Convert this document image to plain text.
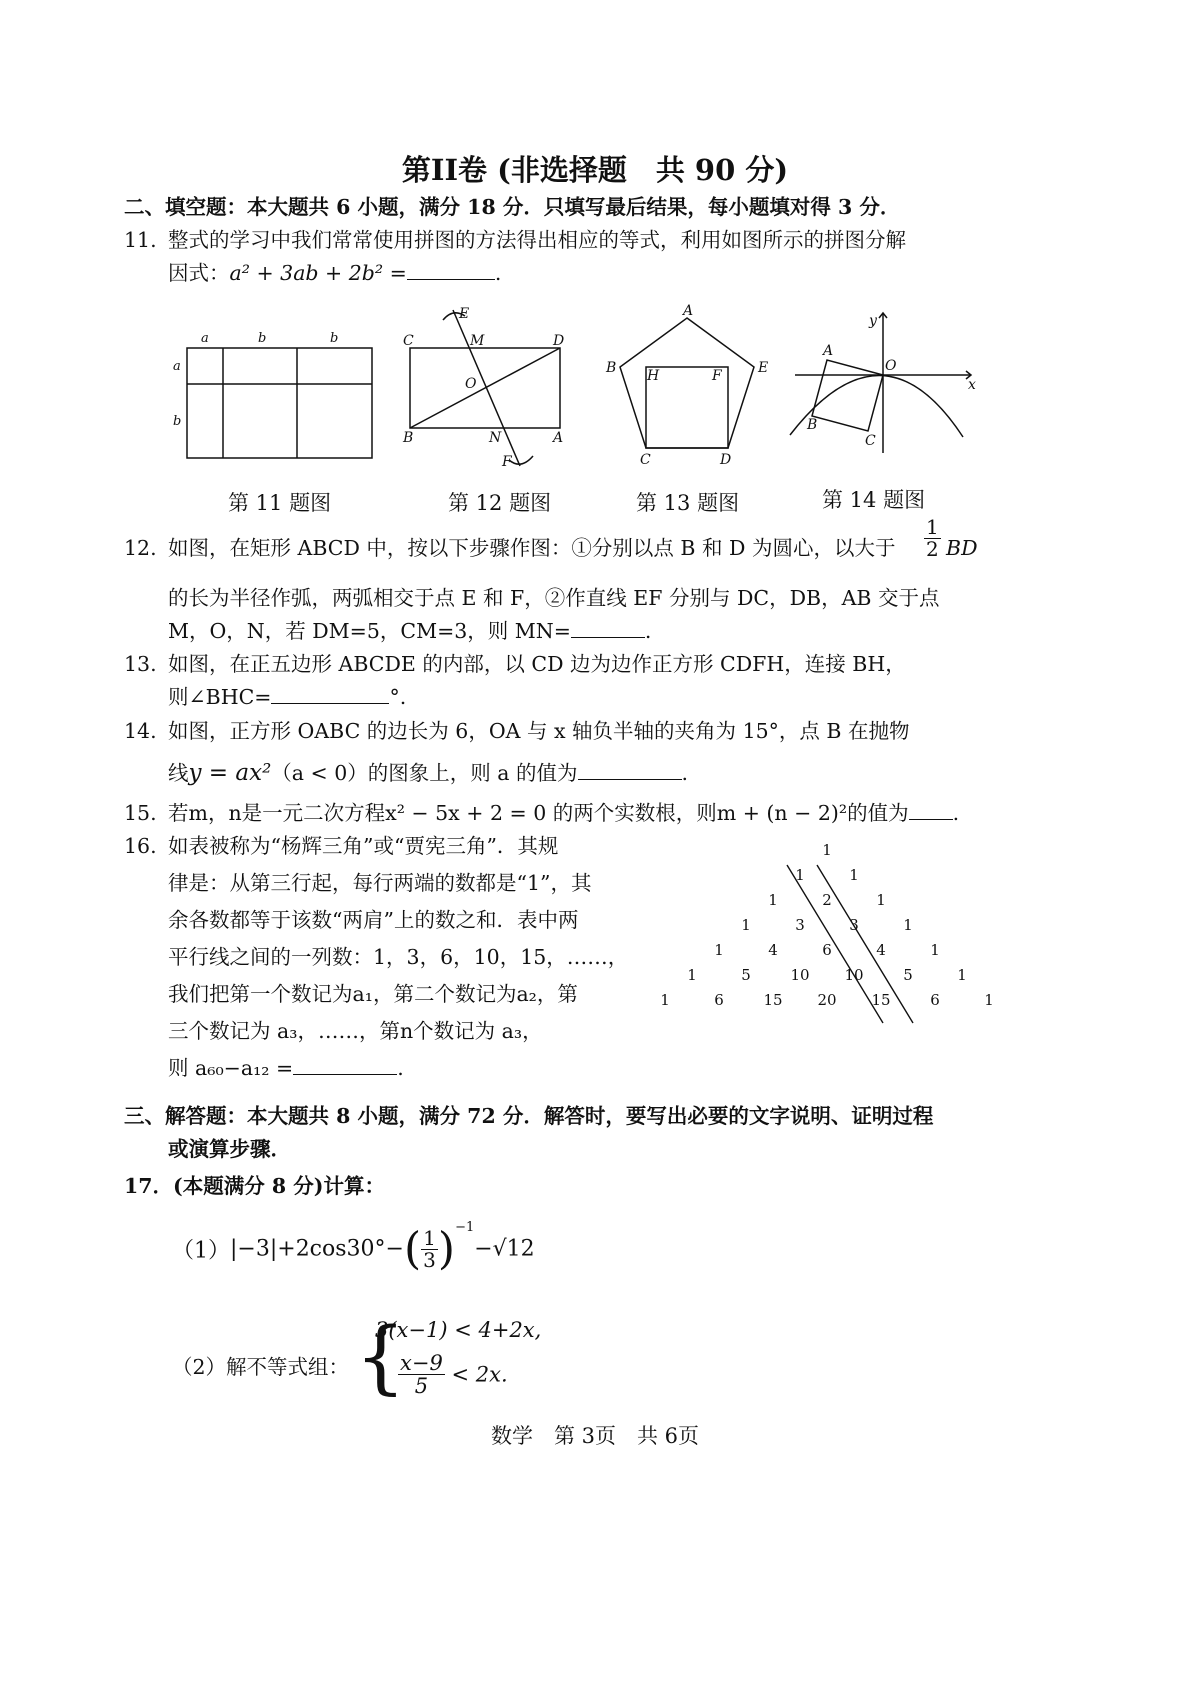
第II卷 (非选择题　共 90 分)
二、填空题：本大题共 6 小题，满分 18 分．只填写最后结果，每小题填对得 3 分．
11. 整式的学习中我们常常使用拼图的方法得出相应的等式，利用如图所示的拼图分解
因式：a² + 3ab + 2b² =	.
a	b	b
a
b
C	M	D
E
O
B	N	A
F
A
B H	F	E
C	D
y
A
O
x
B
C
第 11 题图	第 12 题图	第 13 题图	第 14 题图
12. 如图，在矩形 ABCD 中，按以下步骤作图：①分别以点 B 和 D 为圆心，以大于 $\frac{1}{2}$ BD
的长为半径作弧，两弧相交于点 E 和 F，②作直线 EF 分别与 DC，DB，AB 交于点
M，O，N，若 DM=5，CM=3，则 MN=	.
13. 如图，在正五边形 ABCDE 的内部，以 CD 边为边作正方形 CDFH，连接 BH，
则∠BHC=	°.
14. 如图，正方形 OABC 的边长为 6，OA 与 x 轴负半轴的夹角为 15°，点 B 在抛物
线y = ax²（a < 0）的图象上，则 a 的值为	.
15. 若m，n是一元二次方程x² − 5x + 2 = 0 的两个实数根，则m + (n − 2)²的值为 .
16. 如表被称为“杨辉三角”或“贾宪三角”．其规
律是：从第三行起，每行两端的数都是“1”，其
余各数都等于该数“两肩”上的数之和．表中两
平行线之间的一列数：1，3，6，10，15，……，
我们把第一个数记为a₁，第二个数记为a₂，第
三个数记为 a₃，……，第n个数记为 a₃，
则 a₆₀−a₁₂ =	.
1
1	1
1	2	1
1	3	3	1
1	4	6	4	1
1	5	10 10	5	1
1	6	15 20 15	6	1
三、解答题：本大题共 8 小题，满分 72 分．解答时，要写出必要的文字说明、证明过程
或演算步骤．
17．(本题满分 8 分)计算：
$(1)|-3|+2\cos 30^\circ-( \frac{1}{3} )^{-1}-√12$
（2）解不等式组： {
3(x−1) < 4+2x,
$\frac{x-9}{5} < 2x$.
数学　第 3页　共 6页
